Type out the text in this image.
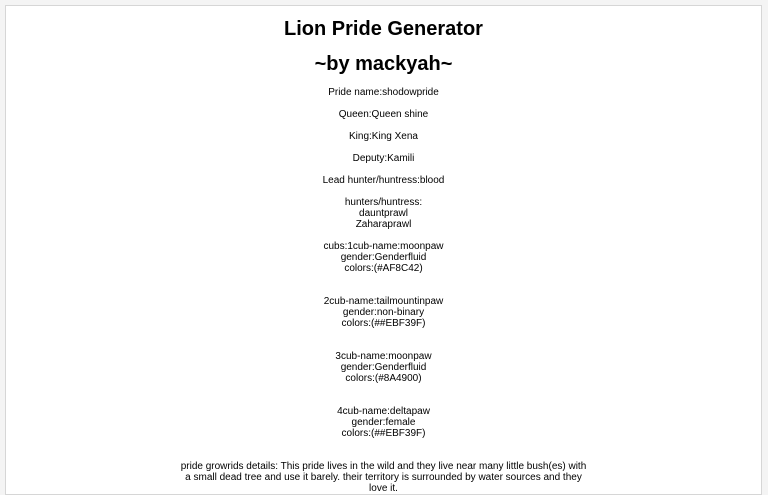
Lion Pride Generator
~by mackyah~

Pride name:shodowpride

Queen:Queen shine

King:King Xena

Deputy:Kamili

Lead hunter/huntress:blood

hunters/huntress:
dauntprawl
Zaharaprawl

cubs:1cub-name:moonpaw
gender:Genderfluid
colors:(#AF8C42)
2cub-name:tailmountinpaw
gender:non-binary
colors:(##EBF39F)
3cub-name:moonpaw
gender:Genderfluid
colors:(#8A4900)
4cub-name:deltapaw
gender:female
colors:(##EBF39F)
pride growrids details: This pride lives in the wild and they live near many little bush(es) with a small dead tree and use it barely. their territory is surrounded by water sources and they love it.
